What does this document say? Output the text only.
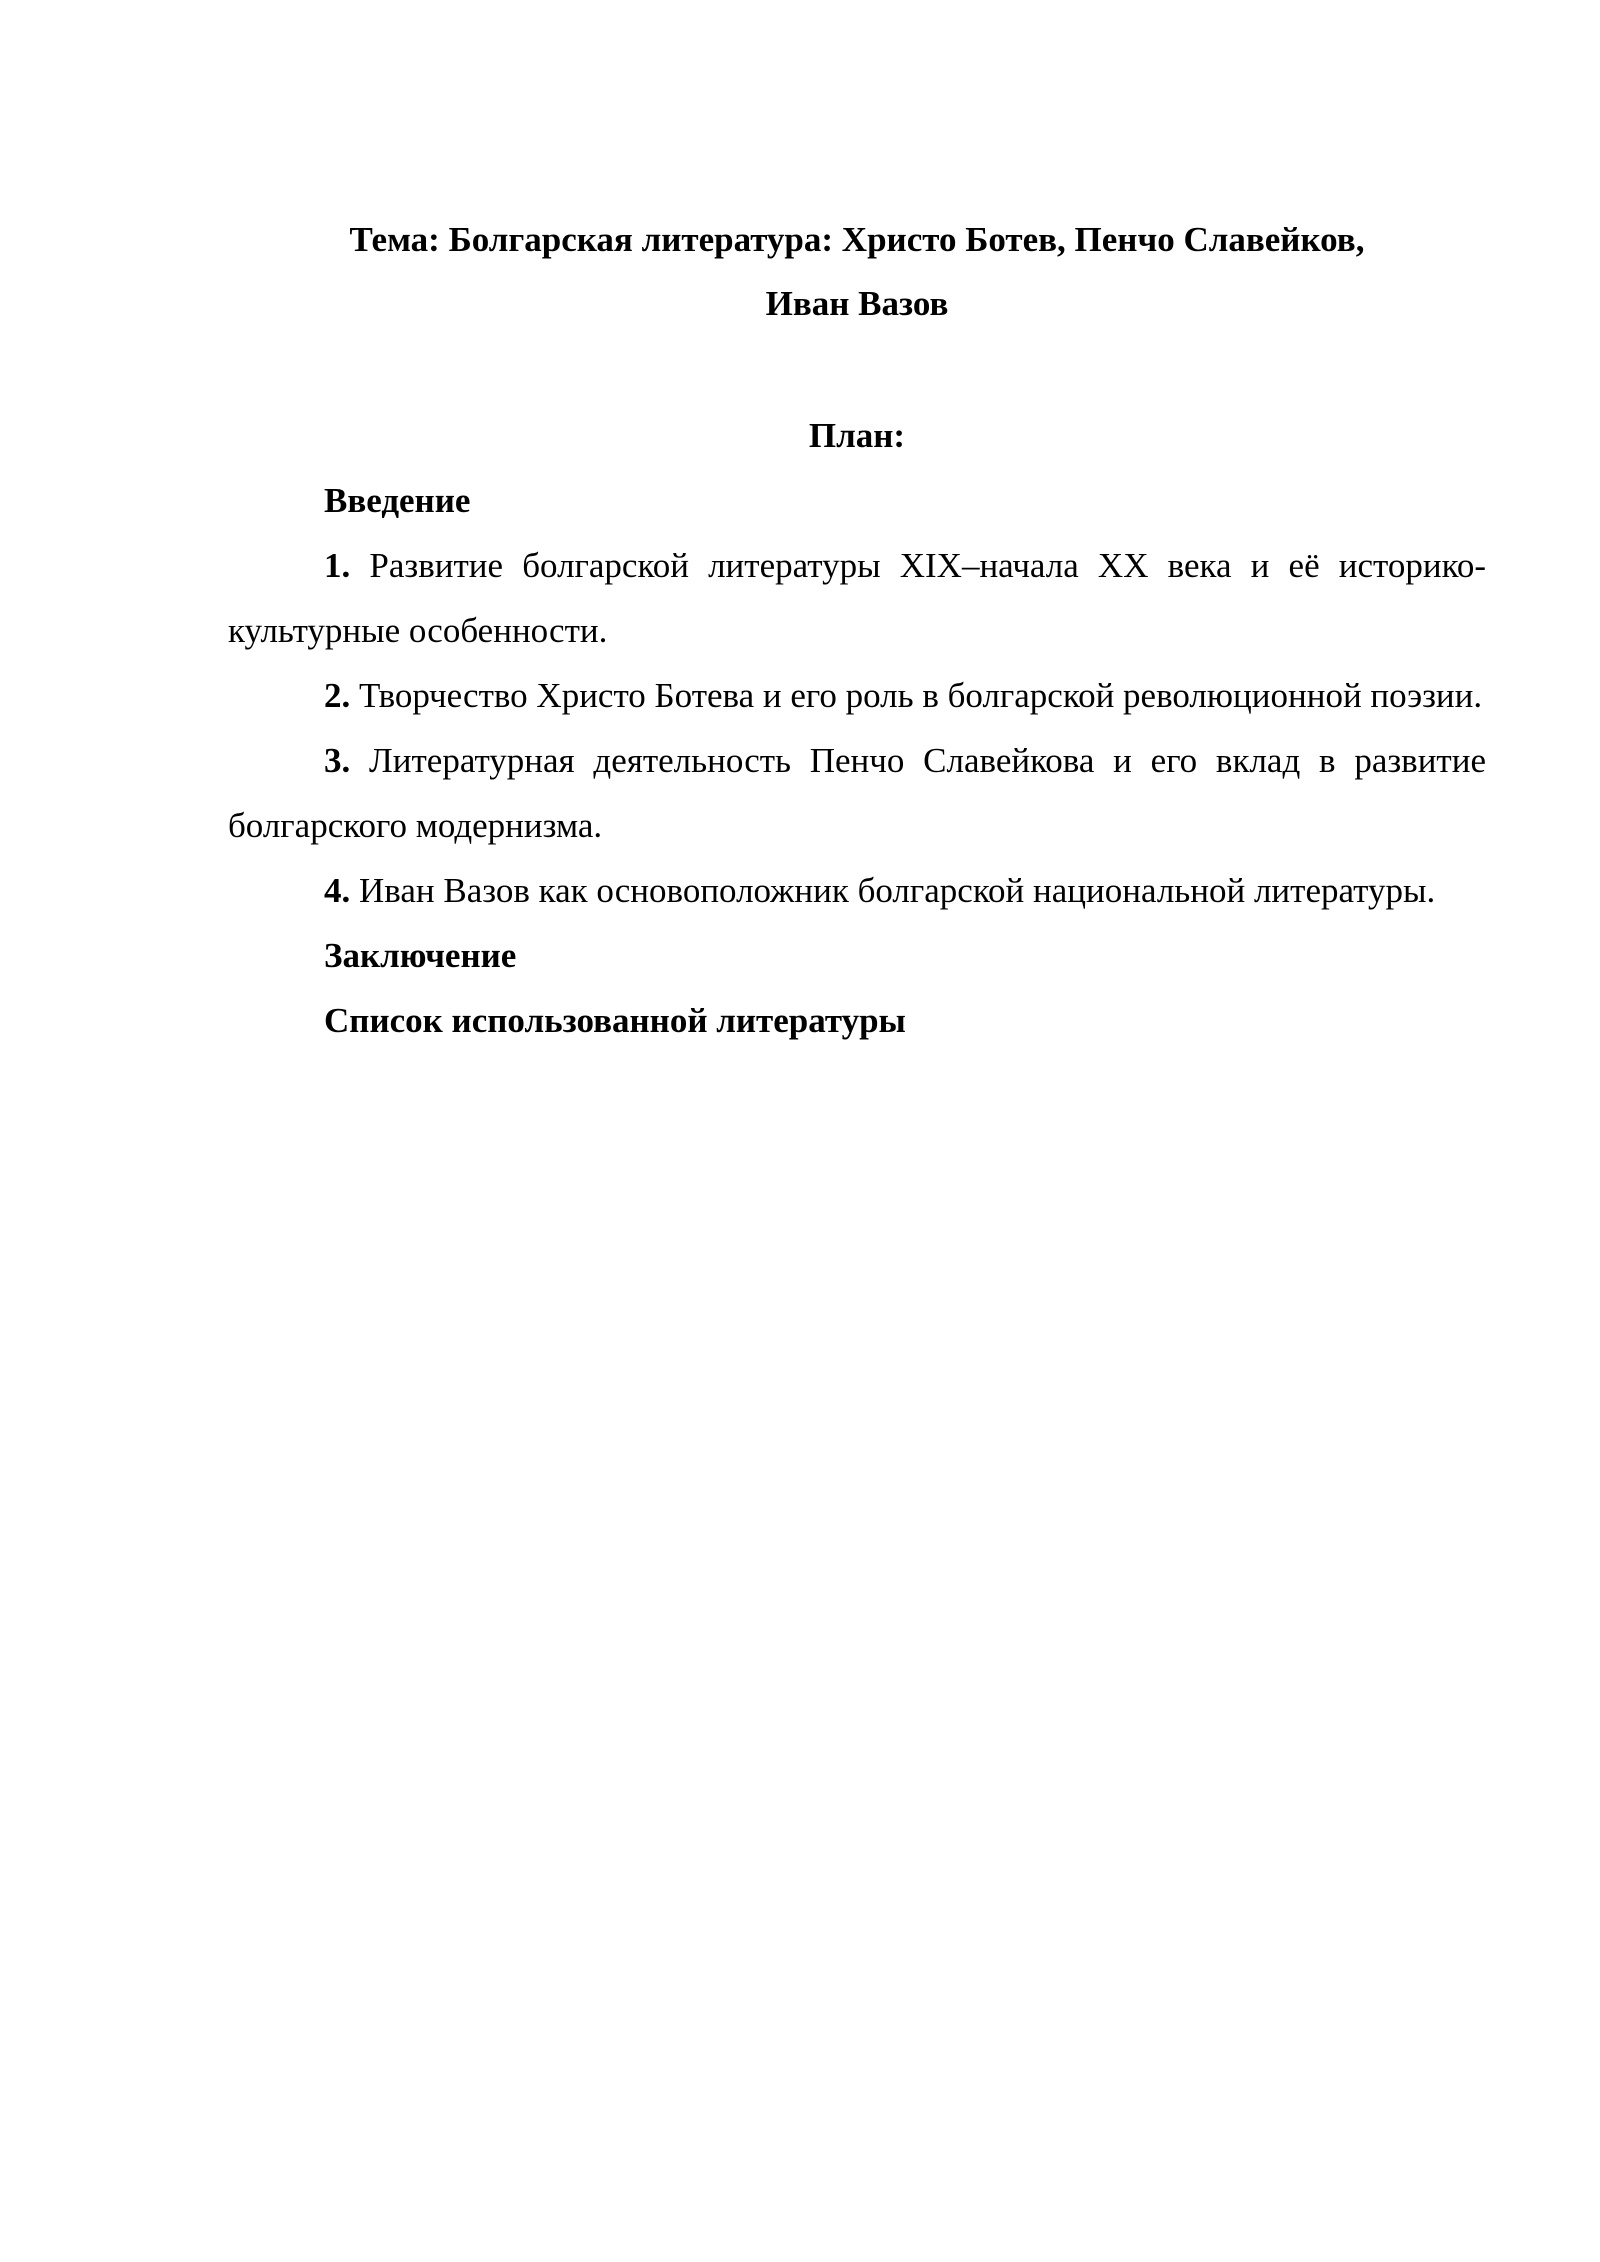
Тема: Болгарская литература: Христо Ботев, Пенчо Славейков,
Иван Вазов
План:

Введение

1. Развитие болгарской литературы XIX–начала XX века и её историко-культурные особенности.

2. Творчество Христо Ботева и его роль в болгарской революционной поэзии.

3. Литературная деятельность Пенчо Славейкова и его вклад в развитие болгарского модернизма.

4. Иван Вазов как основоположник болгарской национальной литературы.

Заключение

Список использованной литературы
